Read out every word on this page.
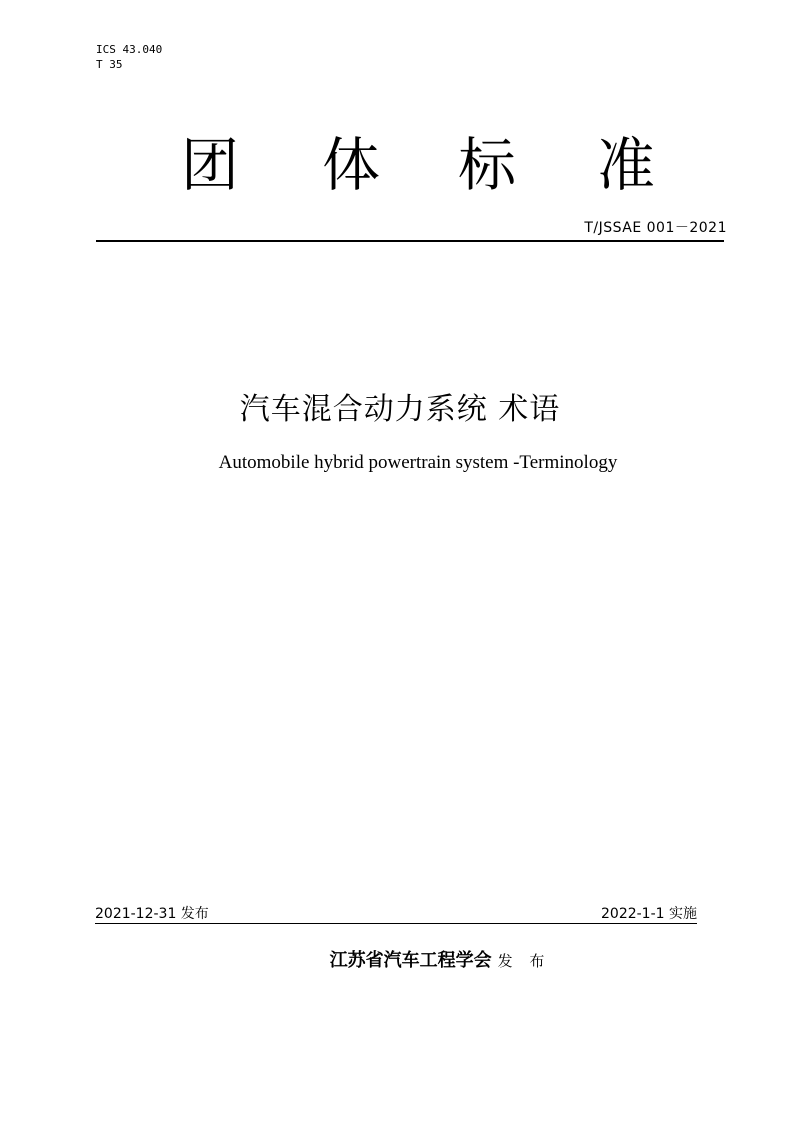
ICS 43.040
T 35
团 体 标 准
T/JSSAE 001－2021
汽车混合动力系统 术语
Automobile hybrid powertrain system -Terminology
2021-12-31 发布	2022-1-1 实施
江苏省汽车工程学会 发 布
